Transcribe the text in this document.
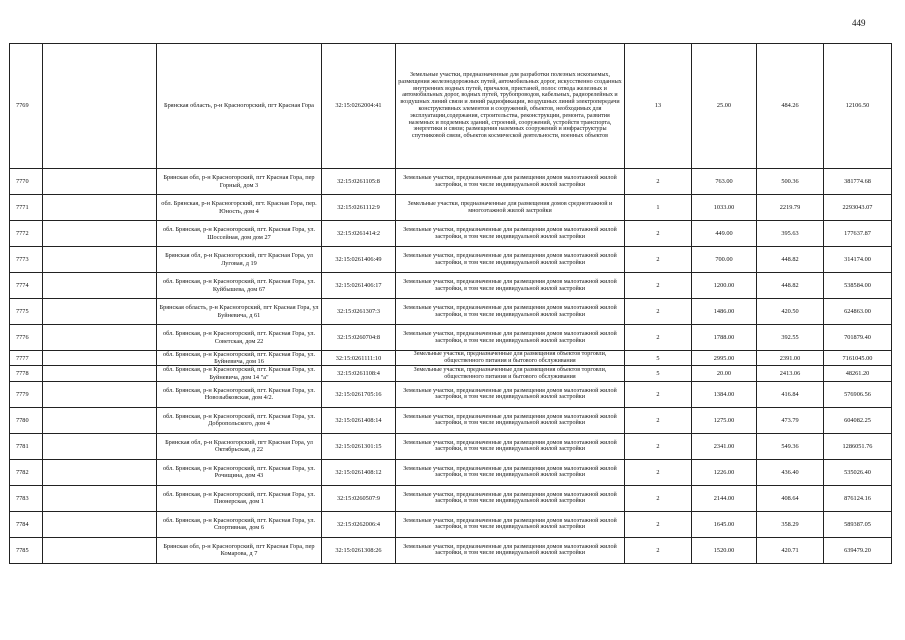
449
7769		Брянская область, р-н Красногорский, пгт Красная Гора	32:15:0262004:41	Земельные участки, предназначенные для разработки полезных ископаемых, размещения железнодорожных путей, автомобильных дорог, искусственно созданных внутренних водных путей, причалов, пристаней, полос отвода железных и автомобильных дорог, водных путей, трубопроводов, кабельных, радиорелейных и воздушных линий связи и линий радиофикации, воздушных линий электропередачи конструктивных элементов и сооружений, объектов, необходимых для эксплуатации,содержания, строительства, реконструкции, ремонта, развития наземных и подземных зданий, строений, сооружений, устройств транспорта, энергетики и связи; размещения наземных сооружений и инфраструктуры спутниковой связи, объектов космической деятельности, военных объектов	13	25.00	484.26	12106.50
7770		Брянская обл, р-н Красногорский, пгт Красная Гора, пер Горный, дом 3	32:15:0261105:8	Земельные участки, предназначенные для размещения домов малоэтажной жилой застройки, в том числе индивидуальной жилой застройки	2	763.00	500.36	381774.68
7771		обл. Брянская, р-н Красногорский, пгт. Красная Гора, пер. Юность, дом 4	32:15:0261112:9	Земельные участки, предназначенные для размещения домов среднеэтажной и многоэтажной жилой застройки	1	1033.00	2219.79	2293043.07
7772		обл. Брянская, р-н Красногорский, пгт. Красная Гора, ул. Шоссейная, дом дом 27	32:15:0261414:2	Земельные участки, предназначенные для размещения домов малоэтажной жилой застройки, в том числе индивидуальной жилой застройки	2	449.00	395.63	177637.87
7773		Брянская обл, р-н Красногорский, пгт Красная Гора, ул Луговая, д 19	32:15:0261406:49	Земельные участки, предназначенные для размещения домов малоэтажной жилой застройки, в том числе индивидуальной жилой застройки	2	700.00	448.82	314174.00
7774		обл. Брянская, р-н Красногорский, пгт. Красная Гора, ул. Куйбышева, дом 67	32:15:0261406:17	Земельные участки, предназначенные для размещения домов малоэтажной жилой застройки, в том числе индивидуальной жилой застройки	2	1200.00	448.82	538584.00
7775		Брянская область, р-н Красногорский, пгт Красная Гора, ул Буйневича, д 61	32:15:0261307:3	Земельные участки, предназначенные для размещения домов малоэтажной жилой застройки, в том числе индивидуальной жилой застройки	2	1486.00	420.50	624863.00
7776		обл. Брянская, р-н Красногорский, пгт. Красная Гора, ул. Советская, дом 22	32:15:0260704:8	Земельные участки, предназначенные для размещения домов малоэтажной жилой застройки, в том числе индивидуальной жилой застройки	2	1788.00	392.55	701879.40
7777		обл. Брянская, р-н Красногорский, пгт. Красная Гора, ул. Буйневича, дом 16	32:15:0261111:10	Земельные участки, предназначенные для размещения объектов торговли, общественного питания и бытового обслуживания	5	2995.00	2391.00	7161045.00
7778		обл. Брянская, р-н Красногорский, пгт. Красная Гора, ул. Буйневича, дом 14 "а"	32:15:0261108:4	Земельные участки, предназначенные для размещения объектов торговли, общественного питания и бытового обслуживания	5	20.00	2413.06	48261.20
7779		обл. Брянская, р-н Красногорский, пгт. Красная Гора, ул. Новозыбковская, дом 4/2.	32:15:0261705:16	Земельные участки, предназначенные для размещения домов малоэтажной жилой застройки, в том числе индивидуальной жилой застройки	2	1384.00	416.84	576906.56
7780		обл. Брянская, р-н Красногорский, пгт. Красная Гора, ул. Добропольского, дом 4	32:15:0261408:14	Земельные участки, предназначенные для размещения домов малоэтажной жилой застройки, в том числе индивидуальной жилой застройки	2	1275.00	473.79	604082.25
7781		Брянская обл, р-н Красногорский, пгт Красная Гора, ул Октябрьская, д 22	32:15:0261301:15	Земельные участки, предназначенные для размещения домов малоэтажной жилой застройки, в том числе индивидуальной жилой застройки	2	2341.00	549.36	1286051.76
7782		обл. Брянская, р-н Красногорский, пгт. Красная Гора, ул. Рочищина, дом 43	32:15:0261408:12	Земельные участки, предназначенные для размещения домов малоэтажной жилой застройки, в том числе индивидуальной жилой застройки	2	1226.00	436.40	535026.40
7783		обл. Брянская, р-н Красногорский, пгт. Красная Гора, ул. Пионерская, дом 1	32:15:0260507:9	Земельные участки, предназначенные для размещения домов малоэтажной жилой застройки, в том числе индивидуальной жилой застройки	2	2144.00	408.64	876124.16
7784		обл. Брянская, р-н Красногорский, пгт. Красная Гора, ул. Спортивная, дом 6	32:15:0262006:4	Земельные участки, предназначенные для размещения домов малоэтажной жилой застройки, в том числе индивидуальной жилой застройки	2	1645.00	358.29	589387.05
7785		Брянская обл, р-н Красногорский, пгт Красная Гора, пер Комарова, д 7	32:15:0261308:26	Земельные участки, предназначенные для размещения домов малоэтажной жилой застройки, в том числе индивидуальной жилой застройки	2	1520.00	420.71	639479.20
